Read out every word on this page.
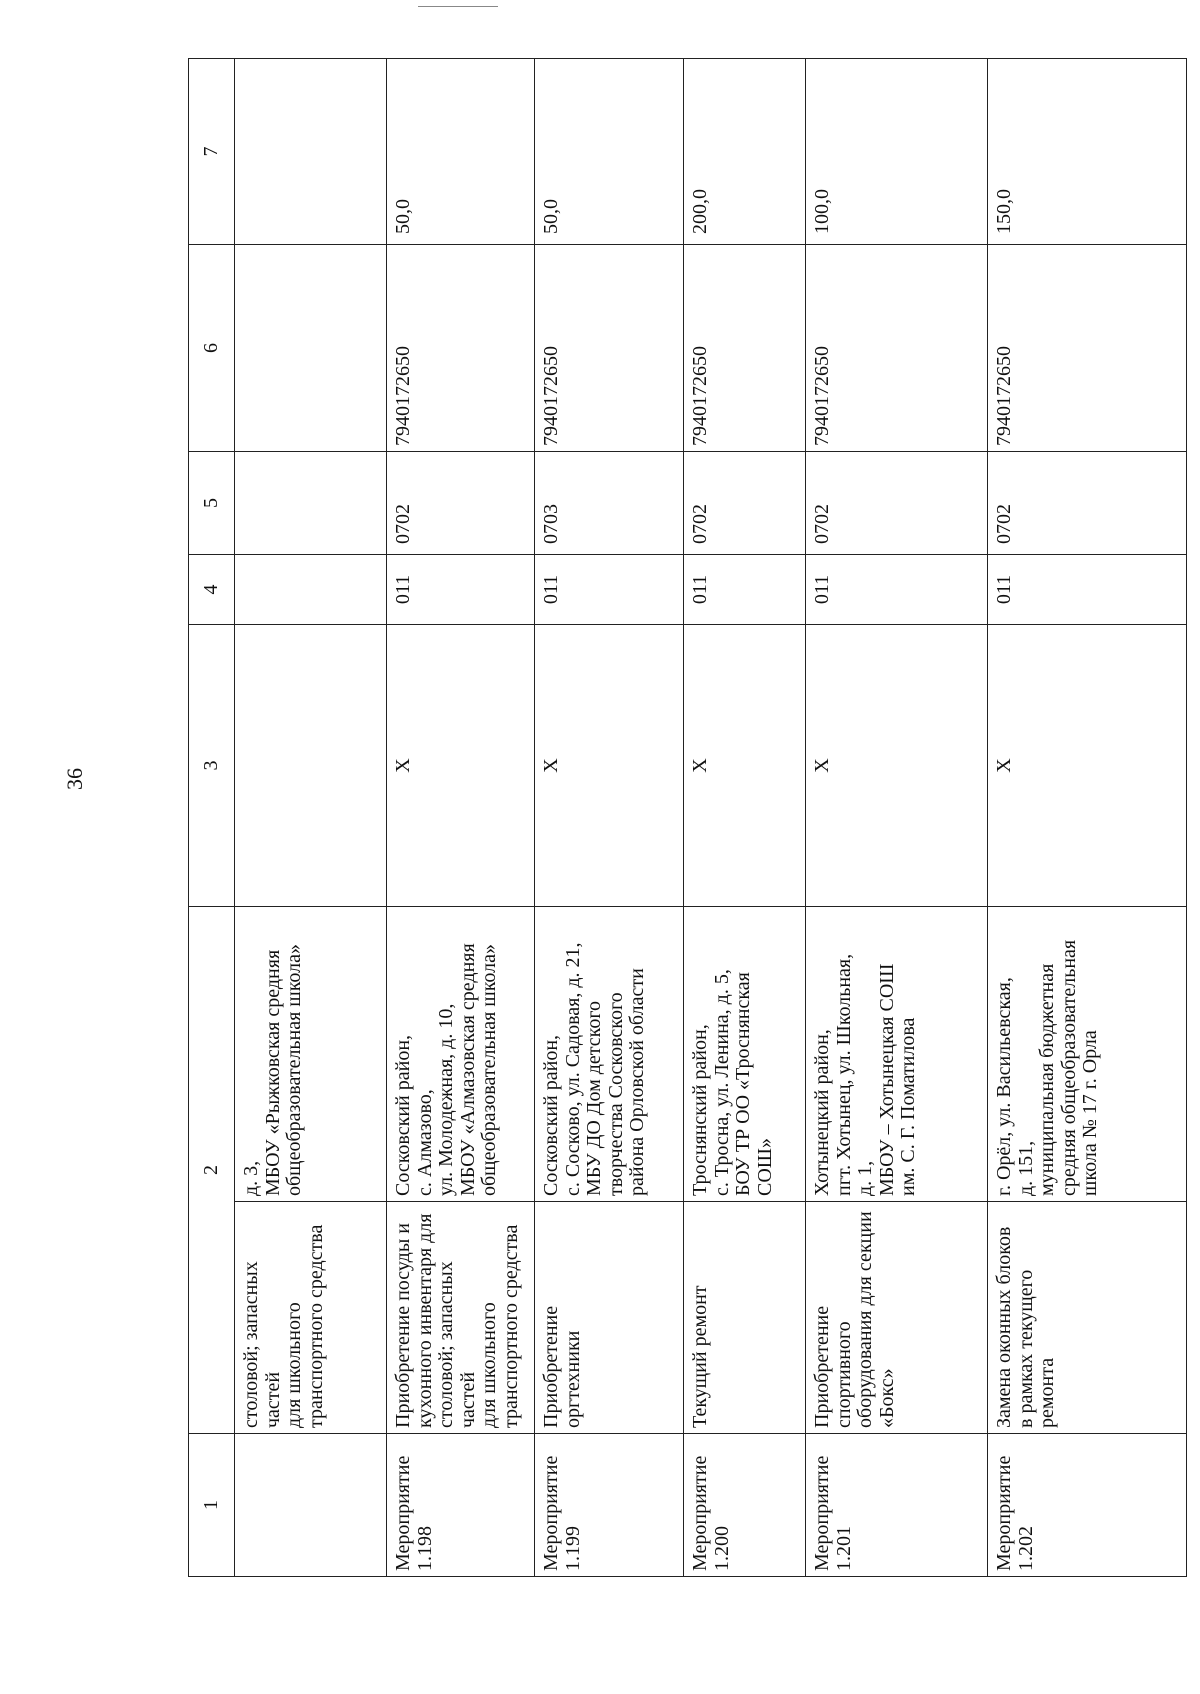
36
1	2		3	4	5	6	7
	столовой; запасных частей
для школьного
транспортного средства	д. 3,
МБОУ «Рыжковская средняя
общеобразовательная школа»					
Мероприятие
1.198	Приобретение посуды и
кухонного инвентаря для
столовой; запасных частей
для школьного
транспортного средства	Сосковский район,
с. Алмазово,
ул. Молодежная, д. 10,
МБОУ «Алмазовская средняя
общеобразовательная школа»	X	011	0702	7940172650	50,0
Мероприятие
1.199	Приобретение оргтехники	Сосковский район,
с. Сосково, ул. Садовая, д. 21,
МБУ ДО Дом детского
творчества Сосковского
района Орловской области	X	011	0703	7940172650	50,0
Мероприятие
1.200	Текущий ремонт	Троснянский район,
с. Тросна, ул. Ленина, д. 5,
БОУ ТР ОО «Троснянская
СОШ»	X	011	0702	7940172650	200,0
Мероприятие
1.201	Приобретение спортивного
оборудования для секции
«Бокс»	Хотынецкий район,
пгт. Хотынец, ул. Школьная,
д. 1,
МБОУ – Хотынецкая СОШ
им. С. Г. Поматилова	X	011	0702	7940172650	100,0
Мероприятие
1.202	Замена оконных блоков
в рамках текущего ремонта	г. Орёл, ул. Васильевская,
д. 151,
муниципальная бюджетная
средняя общеобразовательная
школа № 17 г. Орла	X	011	0702	7940172650	150,0
